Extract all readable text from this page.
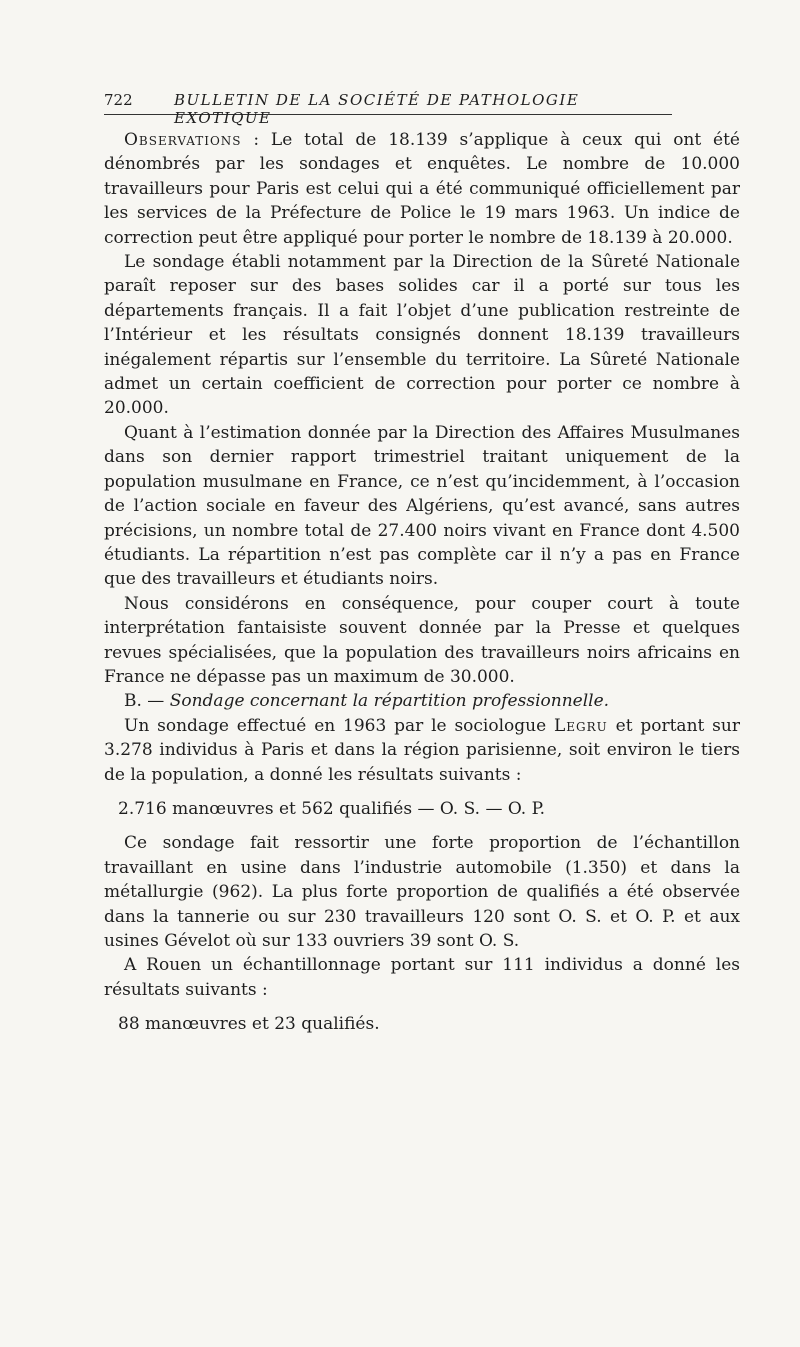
722	BULLETIN DE LA SOCIÉTÉ DE PATHOLOGIE EXOTIQUE

Observations : Le total de 18.139 s’applique à ceux qui ont été dénombrés par les sondages et enquêtes. Le nombre de 10.000 travailleurs pour Paris est celui qui a été communiqué officiellement par les services de la Préfecture de Police le 19 mars 1963. Un indice de correction peut être appliqué pour porter le nombre de 18.139 à 20.000.

Le sondage établi notamment par la Direction de la Sûreté Nationale paraît reposer sur des bases solides car il a porté sur tous les départements français. Il a fait l’objet d’une publication restreinte de l’Intérieur et les résultats consignés donnent 18.139 travailleurs inégalement répartis sur l’ensemble du territoire. La Sûreté Nationale admet un certain coefficient de correction pour porter ce nombre à 20.000.

Quant à l’estimation donnée par la Direction des Affaires Musulmanes dans son dernier rapport trimestriel traitant uniquement de la population musulmane en France, ce n’est qu’incidemment, à l’occasion de l’action sociale en faveur des Algériens, qu’est avancé, sans autres précisions, un nombre total de 27.400 noirs vivant en France dont 4.500 étudiants. La répartition n’est pas complète car il n’y a pas en France que des travailleurs et étudiants noirs.

Nous considérons en conséquence, pour couper court à toute interprétation fantaisiste souvent donnée par la Presse et quelques revues spécialisées, que la population des travailleurs noirs africains en France ne dépasse pas un maximum de 30.000.

B. — Sondage concernant la répartition professionnelle.

Un sondage effectué en 1963 par le sociologue Legru et portant sur 3.278 individus à Paris et dans la région parisienne, soit environ le tiers de la population, a donné les résultats suivants :

2.716 manœuvres et 562 qualifiés — O. S. — O. P.

Ce sondage fait ressortir une forte proportion de l’échantillon travaillant en usine dans l’industrie automobile (1.350) et dans la métallurgie (962). La plus forte proportion de qualifiés a été observée dans la tannerie ou sur 230 travailleurs 120 sont O. S. et O. P. et aux usines Gévelot où sur 133 ouvriers 39 sont O. S.

A Rouen un échantillonnage portant sur 111 individus a donné les résultats suivants :

88 manœuvres et 23 qualifiés.
